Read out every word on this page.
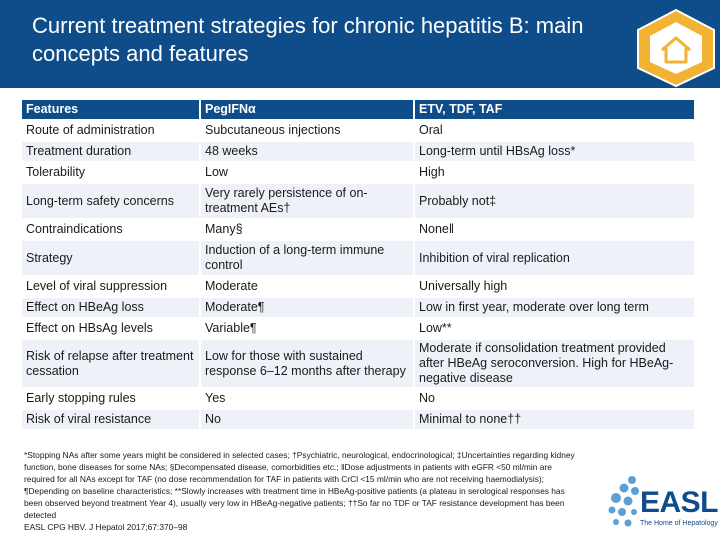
Current treatment strategies for chronic hepatitis B: main concepts and features
Features	PegIFNα	ETV, TDF, TAF
Route of administration	Subcutaneous injections	Oral
Treatment duration	48 weeks	Long-term until HBsAg loss*
Tolerability	Low	High
Long-term safety concerns	Very rarely persistence of on-treatment AEs†	Probably not‡
Contraindications	Many§	None‖
Strategy	Induction of a long-term immune control	Inhibition of viral replication
Level of viral suppression	Moderate	Universally high
Effect on HBeAg loss	Moderate¶	Low in first year, moderate over long term
Effect on HBsAg levels	Variable¶	Low**
Risk of relapse after treatment cessation	Low for those with sustained response 6–12 months after therapy	Moderate if consolidation treatment provided after HBeAg seroconversion. High for HBeAg-negative disease
Early stopping rules	Yes	No
Risk of viral resistance	No	Minimal to none††
*Stopping NAs after some years might be considered in selected cases; †Psychiatric, neurological, endocrinological; ‡Uncertainties regarding kidney function, bone diseases for some NAs; §Decompensated disease, comorbidities etc.; ‖Dose adjustments in patients with eGFR <50 ml/min are required for all NAs except for TAF (no dose recommendation for TAF in patients with CrCl <15 ml/min who are not receiving haemodialysis); ¶Depending on baseline characteristics; **Slowly increases with treatment time in HBeAg-positive patients (a plateau in serological responses has been observed beyond treatment Year 4), usually very low in HBeAg-negative patients; ††So far no TDF or TAF resistance development has been detected
EASL CPG HBV. J Hepatol 2017;67:370–98
EASL
The Home of Hepatology
